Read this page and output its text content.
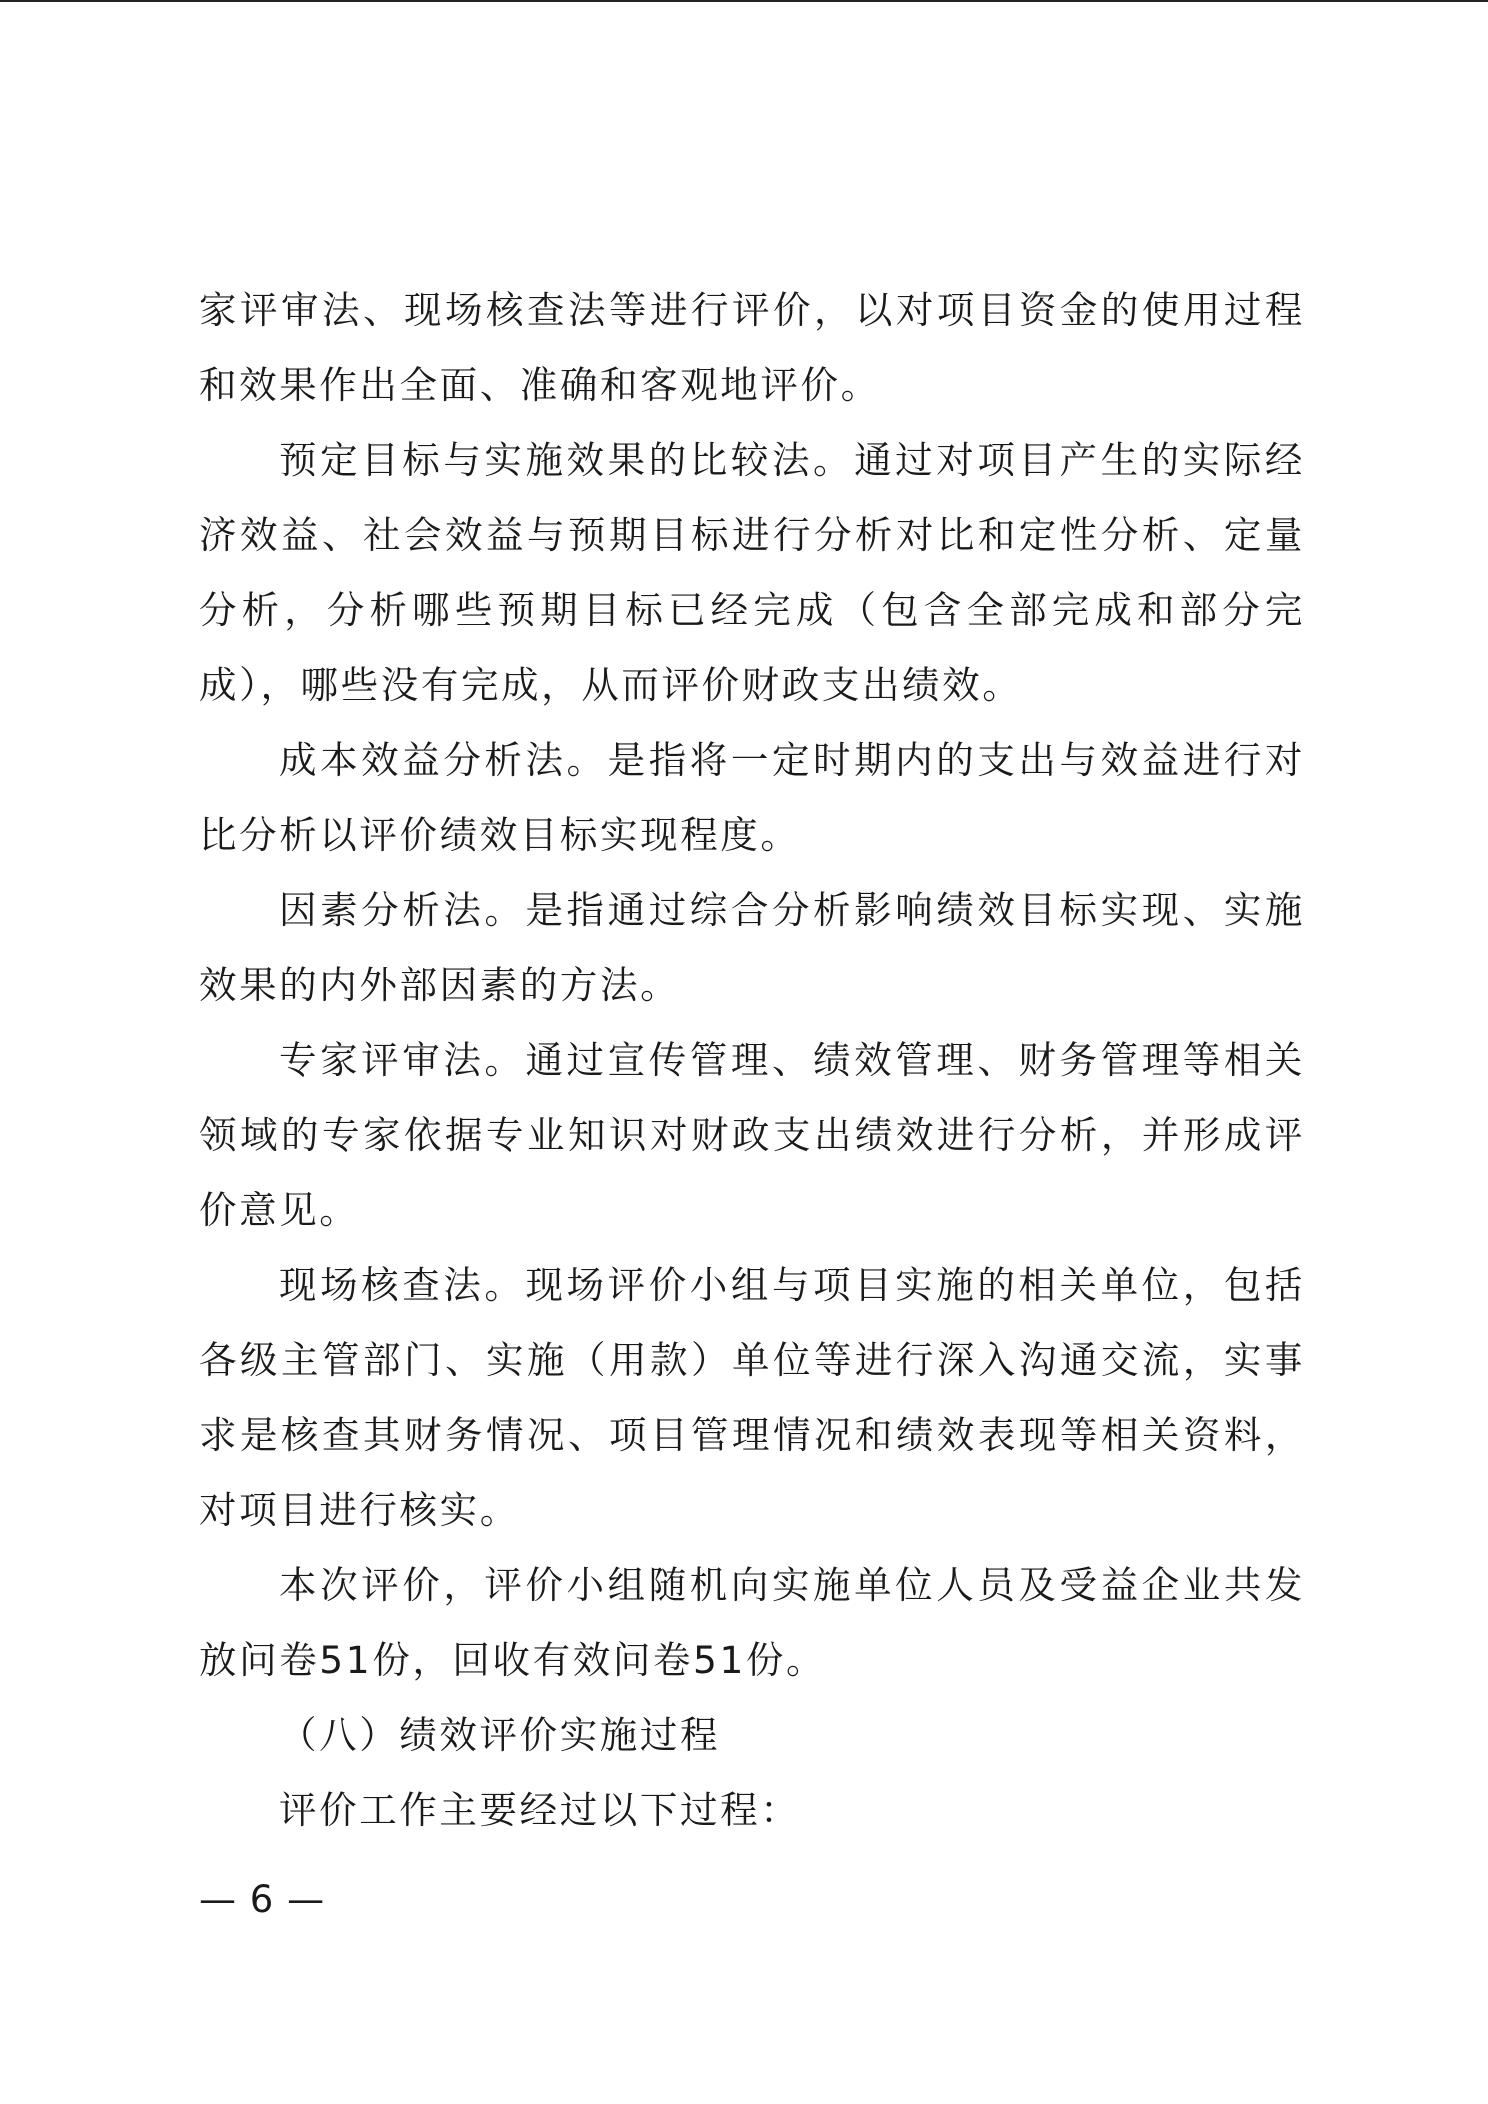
家评审法、现场核查法等进行评价，以对项目资金的使用过程和效果作出全面、准确和客观地评价。

预定目标与实施效果的比较法。通过对项目产生的实际经济效益、社会效益与预期目标进行分析对比和定性分析、定量分析，分析哪些预期目标已经完成（包含全部完成和部分完成），哪些没有完成，从而评价财政支出绩效。

成本效益分析法。是指将一定时期内的支出与效益进行对比分析以评价绩效目标实现程度。

因素分析法。是指通过综合分析影响绩效目标实现、实施效果的内外部因素的方法。

专家评审法。通过宣传管理、绩效管理、财务管理等相关领域的专家依据专业知识对财政支出绩效进行分析，并形成评价意见。

现场核查法。现场评价小组与项目实施的相关单位，包括各级主管部门、实施（用款）单位等进行深入沟通交流，实事求是核查其财务情况、项目管理情况和绩效表现等相关资料，对项目进行核实。

本次评价，评价小组随机向实施单位人员及受益企业共发放问卷51份，回收有效问卷51份。

（八）绩效评价实施过程

评价工作主要经过以下过程：

— 6 —
